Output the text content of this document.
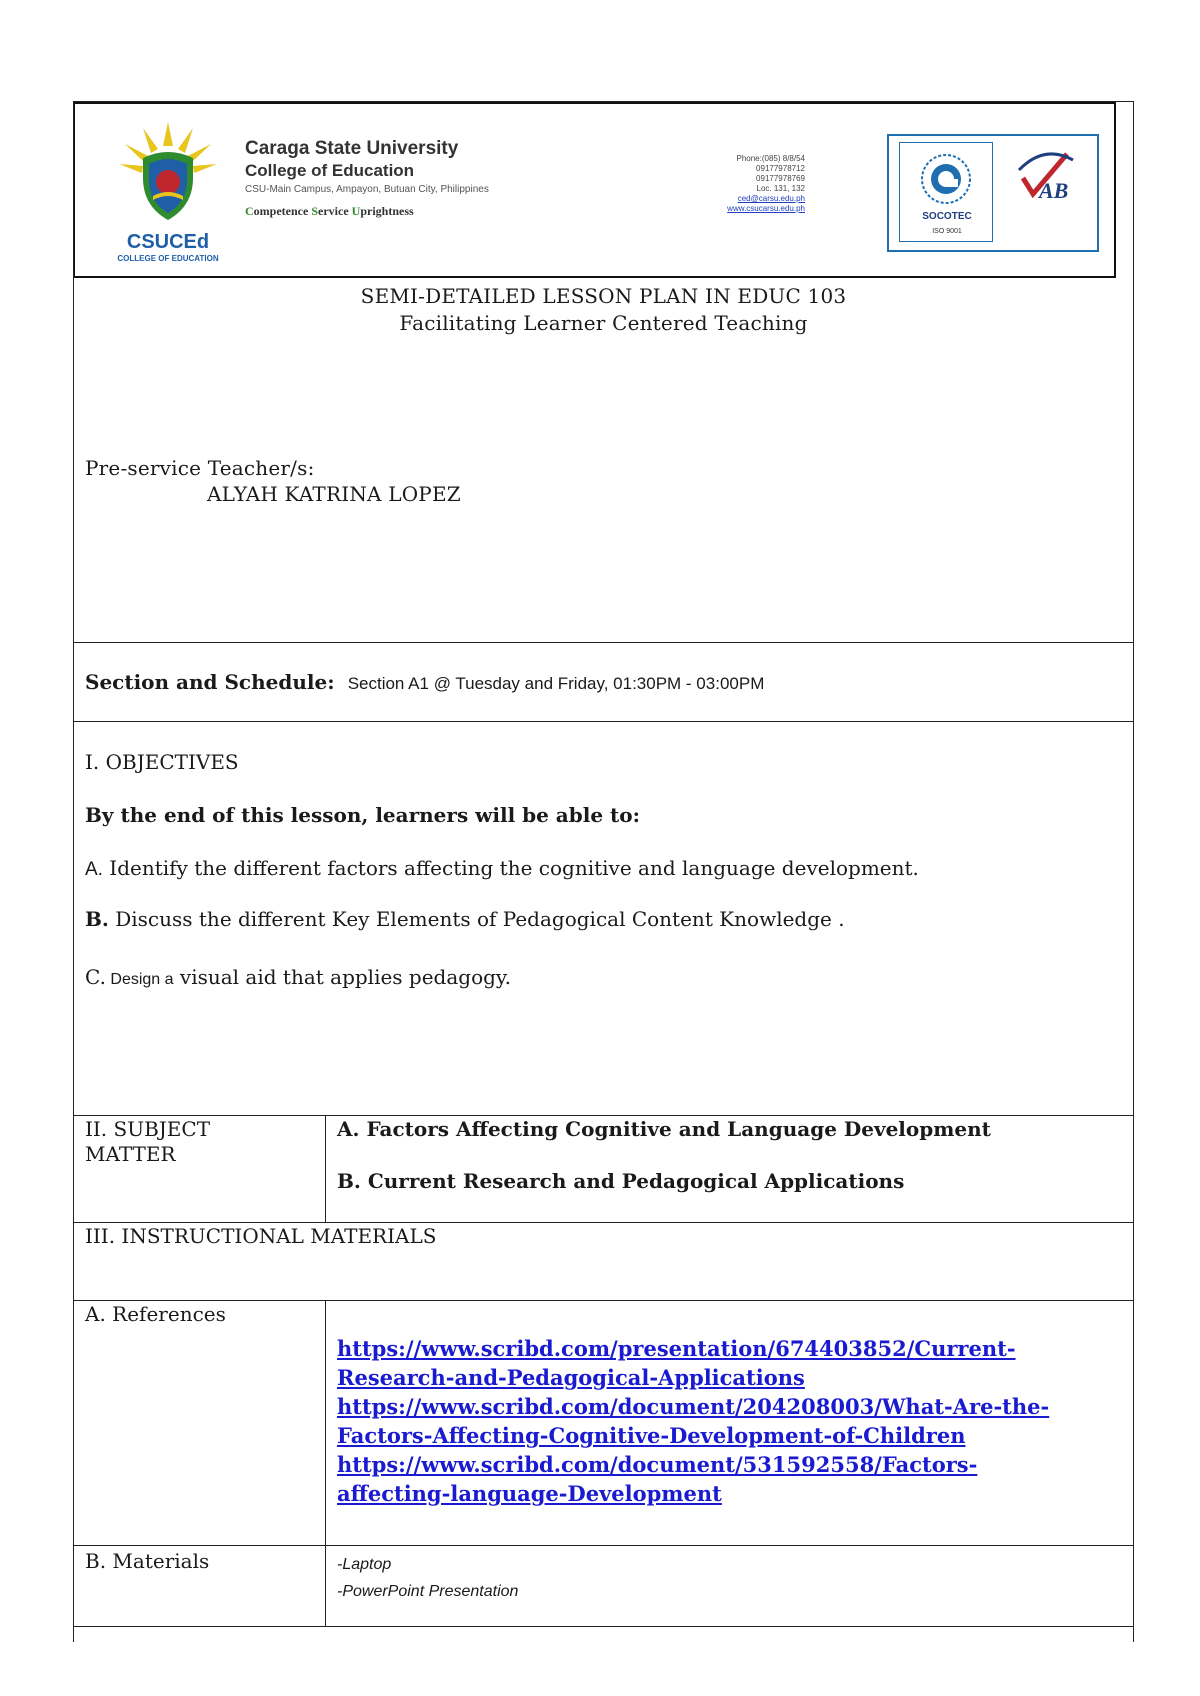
CSUCEd
COLLEGE OF EDUCATION
Caraga State University
College of Education
CSU-Main Campus, Ampayon, Butuan City, Philippines
Competence Service Uprightness
Phone:(085) 8/8/54
09177978712
09177978769
Loc. 131, 132
ced@carsu.edu.ph
www.csucarsu.edu.ph
SOCOTEC
ISO 9001
AB
SEMI-DETAILED LESSON PLAN IN EDUC 103
Facilitating Learner Centered Teaching
Pre-service Teacher/s:
ALYAH KATRINA LOPEZ
Section and Schedule: Section A1 @ Tuesday and Friday, 01:30PM - 03:00PM
I. OBJECTIVES
By the end of this lesson, learners will be able to:
A. Identify the different factors affecting the cognitive and language development.
B. Discuss the different Key Elements of Pedagogical Content Knowledge .
C. Design a visual aid that applies pedagogy.
II. SUBJECT MATTER
A. Factors Affecting Cognitive and Language Development
B. Current Research and Pedagogical Applications
III. INSTRUCTIONAL MATERIALS
A. References
https://www.scribd.com/presentation/674403852/Current-
Research-and-Pedagogical-Applications
https://www.scribd.com/document/204208003/What-Are-the-
Factors-Affecting-Cognitive-Development-of-Children
https://www.scribd.com/document/531592558/Factors-
affecting-language-Development
B. Materials	-Laptop
-PowerPoint Presentation
